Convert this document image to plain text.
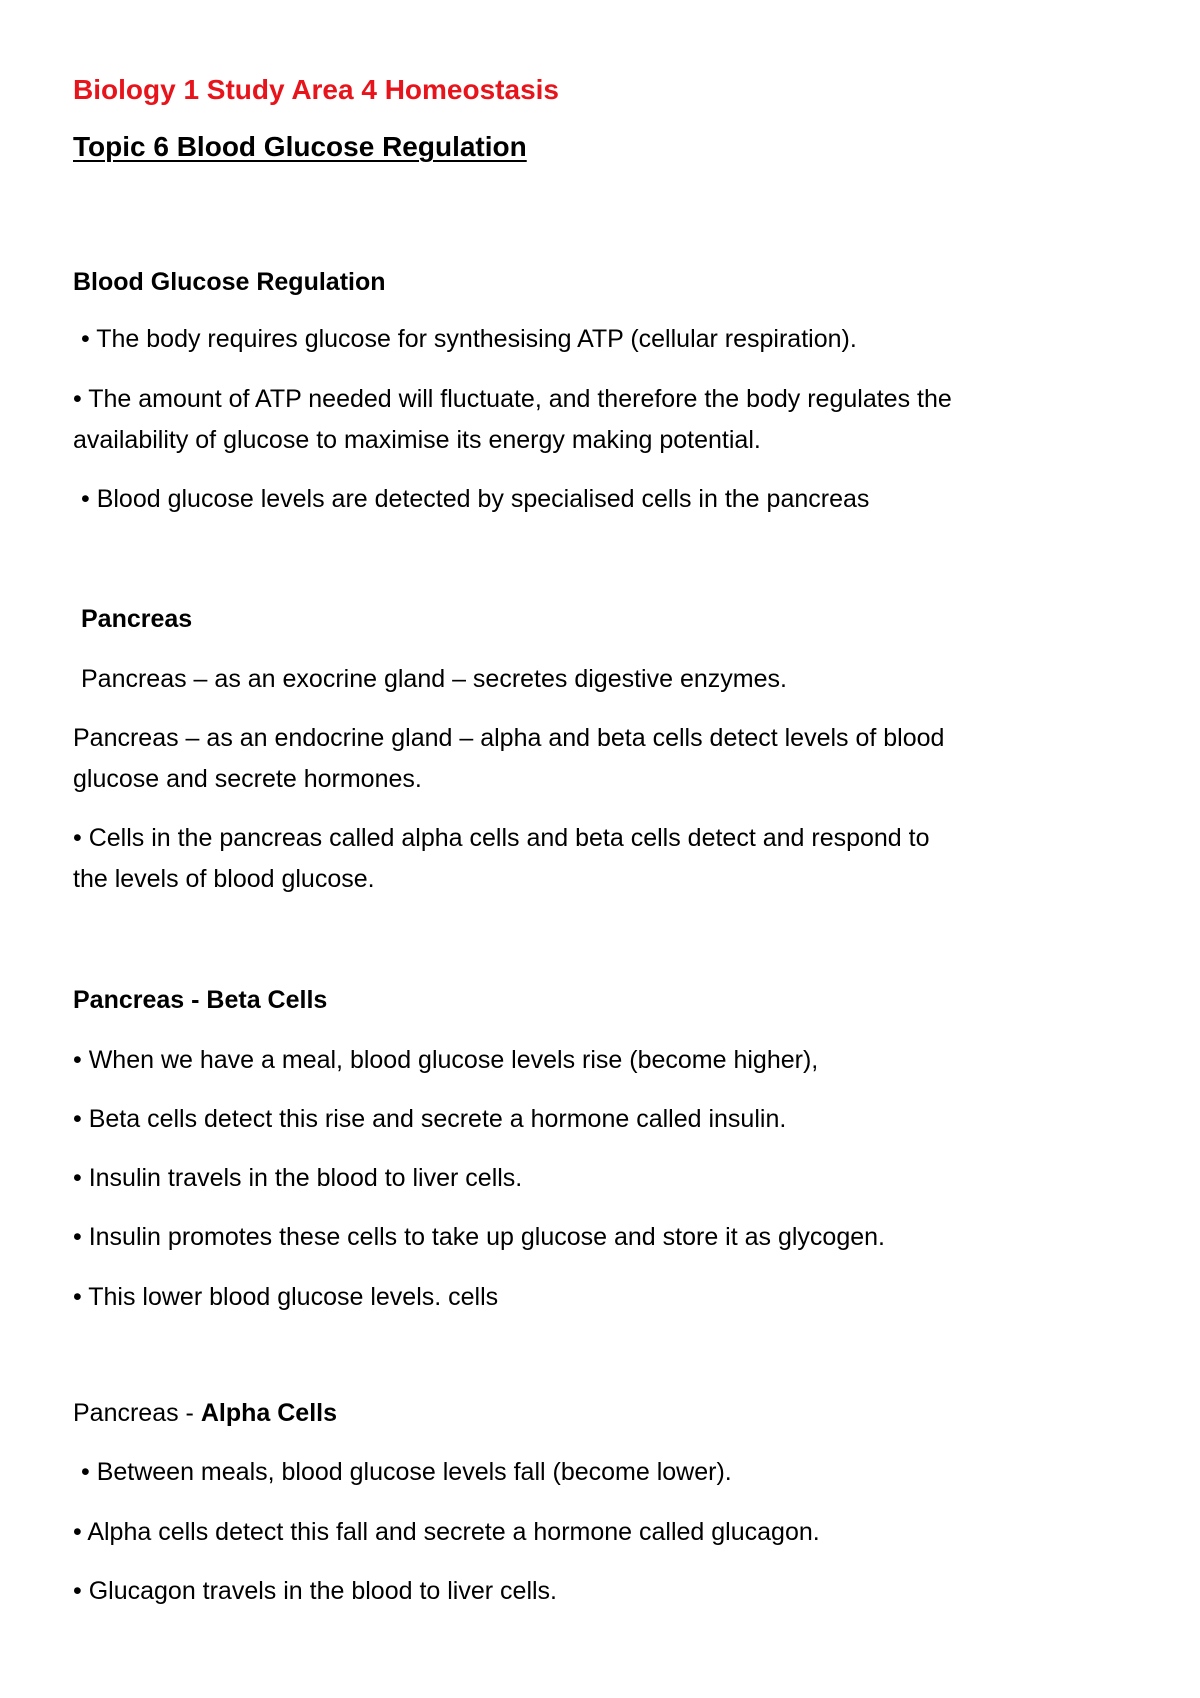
Biology 1 Study Area 4 Homeostasis

Topic 6 Blood Glucose Regulation

Blood Glucose Regulation

• The body requires glucose for synthesising ATP (cellular respiration).

• The amount of ATP needed will fluctuate, and therefore the body regulates the

availability of glucose to maximise its energy making potential.

• Blood glucose levels are detected by specialised cells in the pancreas

Pancreas

Pancreas – as an exocrine gland – secretes digestive enzymes.

Pancreas – as an endocrine gland – alpha and beta cells detect levels of blood

glucose and secrete hormones.

• Cells in the pancreas called alpha cells and beta cells detect and respond to

the levels of blood glucose.

Pancreas - Beta Cells

• When we have a meal, blood glucose levels rise (become higher),

• Beta cells detect this rise and secrete a hormone called insulin.

• Insulin travels in the blood to liver cells.

• Insulin promotes these cells to take up glucose and store it as glycogen.

• This lower blood glucose levels. cells

Pancreas - Alpha Cells

• Between meals, blood glucose levels fall (become lower).

• Alpha cells detect this fall and secrete a hormone called glucagon.

• Glucagon travels in the blood to liver cells.
